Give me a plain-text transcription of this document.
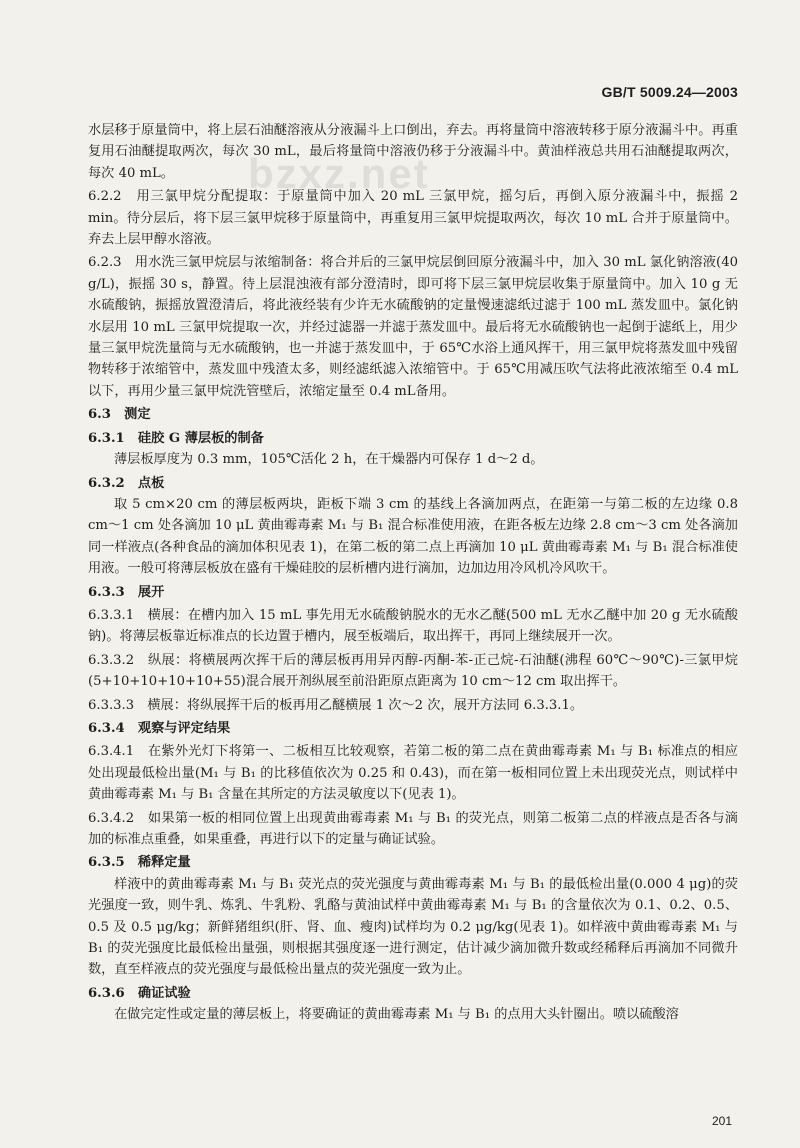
GB/T 5009.24—2003
bzxz.net

水层移于原量筒中，将上层石油醚溶液从分液漏斗上口倒出，弃去。再将量筒中溶液转移于原分液漏斗中。再重复用石油醚提取两次，每次 30 mL，最后将量筒中溶液仍移于分液漏斗中。黄油样液总共用石油醚提取两次，每次 40 mL。

6.2.2　用三氯甲烷分配提取：于原量筒中加入 20 mL 三氯甲烷，摇匀后，再倒入原分液漏斗中，振摇 2 min。待分层后，将下层三氯甲烷移于原量筒中，再重复用三氯甲烷提取两次，每次 10 mL 合并于原量筒中。弃去上层甲醇水溶液。

6.2.3　用水洗三氯甲烷层与浓缩制备：将合并后的三氯甲烷层倒回原分液漏斗中，加入 30 mL 氯化钠溶液(40 g/L)，振摇 30 s，静置。待上层混浊液有部分澄清时，即可将下层三氯甲烷层收集于原量筒中。加入 10 g 无水硫酸钠，振摇放置澄清后，将此液经装有少许无水硫酸钠的定量慢速滤纸过滤于 100 mL 蒸发皿中。氯化钠水层用 10 mL 三氯甲烷提取一次，并经过滤器一并滤于蒸发皿中。最后将无水硫酸钠也一起倒于滤纸上，用少量三氯甲烷洗量筒与无水硫酸钠，也一并滤于蒸发皿中，于 65℃水浴上通风挥干，用三氯甲烷将蒸发皿中残留物转移于浓缩管中，蒸发皿中残渣太多，则经滤纸滤入浓缩管中。于 65℃用减压吹气法将此液浓缩至 0.4 mL 以下，再用少量三氯甲烷洗管壁后，浓缩定量至 0.4 mL备用。

6.3　测定

6.3.1　硅胶 G 薄层板的制备

薄层板厚度为 0.3 mm，105℃活化 2 h，在干燥器内可保存 1 d～2 d。

6.3.2　点板

取 5 cm×20 cm 的薄层板两块，距板下端 3 cm 的基线上各滴加两点，在距第一与第二板的左边缘 0.8 cm～1 cm 处各滴加 10 μL 黄曲霉毒素 M₁ 与 B₁ 混合标准使用液，在距各板左边缘 2.8 cm～3 cm 处各滴加同一样液点(各种食品的滴加体积见表 1)，在第二板的第二点上再滴加 10 μL 黄曲霉毒素 M₁ 与 B₁ 混合标准使用液。一般可将薄层板放在盛有干燥硅胶的层析槽内进行滴加，边加边用冷风机冷风吹干。

6.3.3　展开

6.3.3.1　横展：在槽内加入 15 mL 事先用无水硫酸钠脱水的无水乙醚(500 mL 无水乙醚中加 20 g 无水硫酸钠)。将薄层板靠近标准点的长边置于槽内，展至板端后，取出挥干，再同上继续展开一次。

6.3.3.2　纵展：将横展两次挥干后的薄层板再用异丙醇-丙酮-苯-正己烷-石油醚(沸程 60℃～90℃)-三氯甲烷(5+10+10+10+10+55)混合展开剂纵展至前沿距原点距离为 10 cm～12 cm 取出挥干。

6.3.3.3　横展：将纵展挥干后的板再用乙醚横展 1 次～2 次，展开方法同 6.3.3.1。

6.3.4　观察与评定结果

6.3.4.1　在紫外光灯下将第一、二板相互比较观察，若第二板的第二点在黄曲霉毒素 M₁ 与 B₁ 标准点的相应处出现最低检出量(M₁ 与 B₁ 的比移值依次为 0.25 和 0.43)，而在第一板相同位置上未出现荧光点，则试样中黄曲霉毒素 M₁ 与 B₁ 含量在其所定的方法灵敏度以下(见表 1)。

6.3.4.2　如果第一板的相同位置上出现黄曲霉毒素 M₁ 与 B₁ 的荧光点，则第二板第二点的样液点是否各与滴加的标准点重叠，如果重叠，再进行以下的定量与确证试验。

6.3.5　稀释定量

样液中的黄曲霉毒素 M₁ 与 B₁ 荧光点的荧光强度与黄曲霉毒素 M₁ 与 B₁ 的最低检出量(0.000 4 μg)的荧光强度一致，则牛乳、炼乳、牛乳粉、乳酪与黄油试样中黄曲霉毒素 M₁ 与 B₁ 的含量依次为 0.1、0.2、0.5、0.5 及 0.5 μg/kg；新鲜猪组织(肝、肾、血、瘦肉)试样均为 0.2 μg/kg(见表 1)。如样液中黄曲霉毒素 M₁ 与 B₁ 的荧光强度比最低检出量强，则根据其强度逐一进行测定，估计减少滴加微升数或经稀释后再滴加不同微升数，直至样液点的荧光强度与最低检出量点的荧光强度一致为止。

6.3.6　确证试验

在做完定性或定量的薄层板上，将要确证的黄曲霉毒素 M₁ 与 B₁ 的点用大头针圈出。喷以硫酸溶

201
